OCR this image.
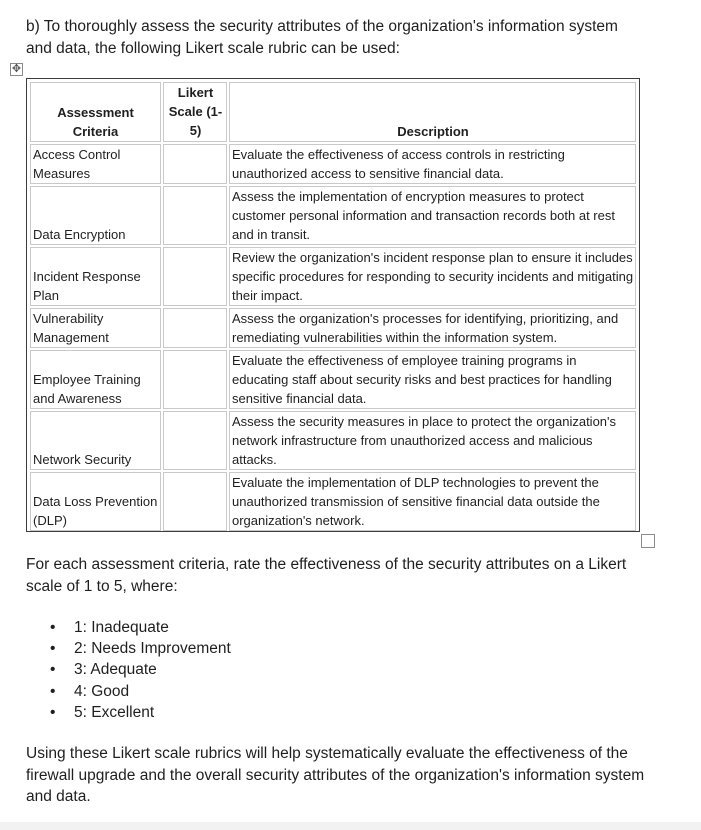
b) To thoroughly assess the security attributes of the organization's information system and data, the following Likert scale rubric can be used:

✥
Assessment Criteria	Likert Scale (1-5)	Description
Access Control Measures		Evaluate the effectiveness of access controls in restricting unauthorized access to sensitive financial data.
Data Encryption		Assess the implementation of encryption measures to protect customer personal information and transaction records both at rest and in transit.
Incident Response Plan		Review the organization's incident response plan to ensure it includes specific procedures for responding to security incidents and mitigating their impact.
Vulnerability Management		Assess the organization's processes for identifying, prioritizing, and remediating vulnerabilities within the information system.
Employee Training and Awareness		Evaluate the effectiveness of employee training programs in educating staff about security risks and best practices for handling sensitive financial data.
Network Security		Assess the security measures in place to protect the organization's network infrastructure from unauthorized access and malicious attacks.
Data Loss Prevention (DLP)		Evaluate the implementation of DLP technologies to prevent the unauthorized transmission of sensitive financial data outside the organization's network.

For each assessment criteria, rate the effectiveness of the security attributes on a Likert scale of 1 to 5, where:

• 1: Inadequate
• 2: Needs Improvement
• 3: Adequate
• 4: Good
• 5: Excellent

Using these Likert scale rubrics will help systematically evaluate the effectiveness of the firewall upgrade and the overall security attributes of the organization's information system and data.
